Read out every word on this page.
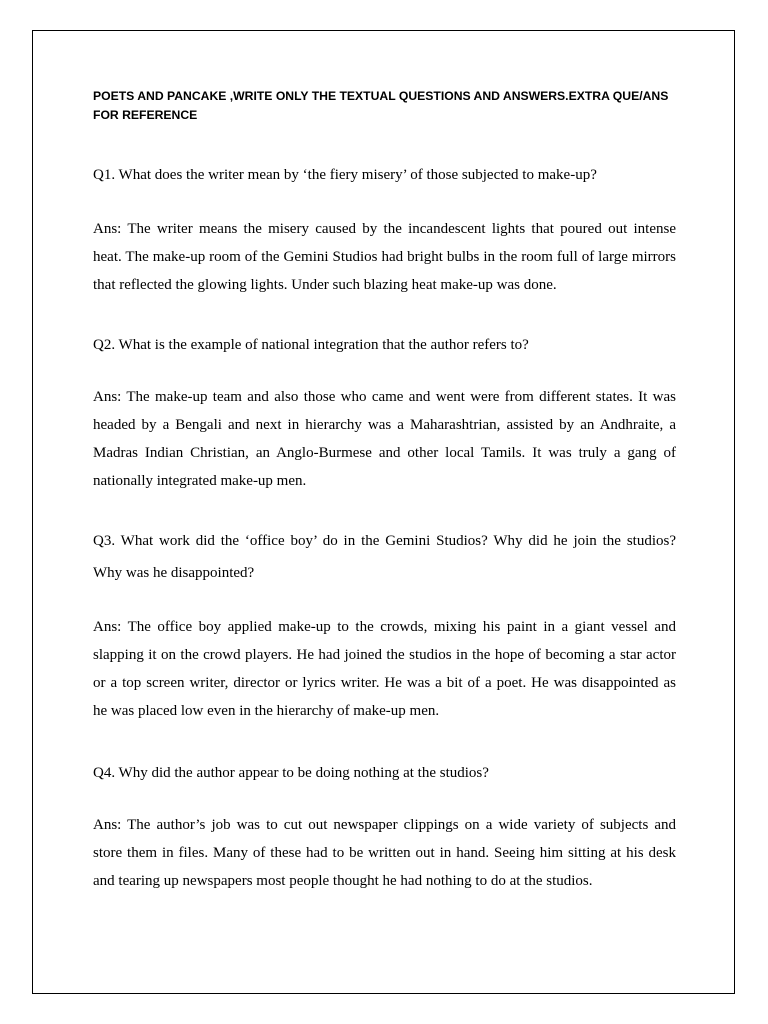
POETS AND PANCAKE ,WRITE ONLY THE TEXTUAL QUESTIONS AND ANSWERS.EXTRA QUE/ANS
FOR REFERENCE
Q1. What does the writer mean by ‘the fiery misery’ of those subjected to make-up?
Ans: The writer means the misery caused by the incandescent lights that poured out intense
heat. The make-up room of the Gemini Studios had bright bulbs in the room full of large mirrors
that reflected the glowing lights. Under such blazing heat make-up was done.
Q2. What is the example of national integration that the author refers to?
Ans: The make-up team and also those who came and went were from different states. It was
headed by a Bengali and next in hierarchy was a Maharashtrian, assisted by an Andhraite, a
Madras Indian Christian, an Anglo-Burmese and other local Tamils. It was truly a gang of
nationally integrated make-up men.
Q3. What work did the ‘office boy’ do in the Gemini Studios? Why did he join the studios?
Why was he disappointed?
Ans: The office boy applied make-up to the crowds, mixing his paint in a giant vessel and
slapping it on the crowd players. He had joined the studios in the hope of becoming a star actor
or a top screen writer, director or lyrics writer. He was a bit of a poet. He was disappointed as
he was placed low even in the hierarchy of make-up men.
Q4. Why did the author appear to be doing nothing at the studios?
Ans: The author’s job was to cut out newspaper clippings on a wide variety of subjects and
store them in files. Many of these had to be written out in hand. Seeing him sitting at his desk
and tearing up newspapers most people thought he had nothing to do at the studios.
